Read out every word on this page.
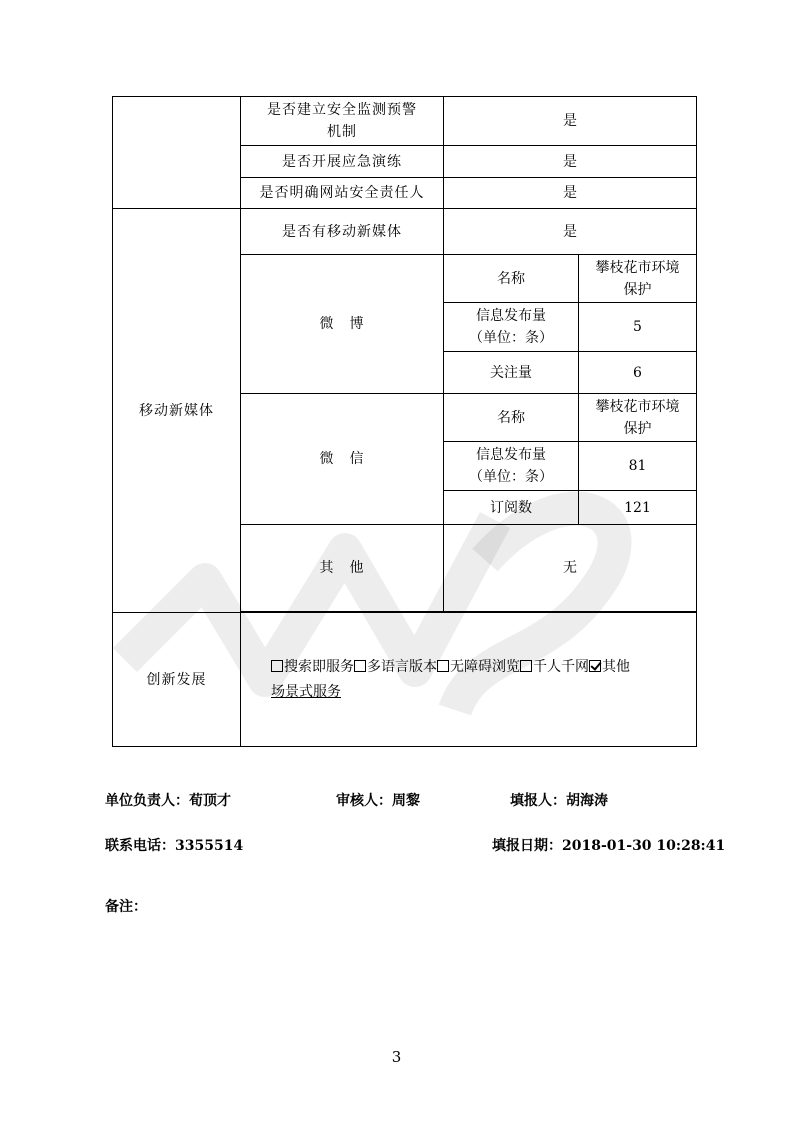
	是否建立安全监测预警
机制	是	
	是否开展应急演练	是	
	是否明确网站安全责任人	是	
移动新媒体	是否有移动新媒体	是	
	微　博	名称	攀枝花市环境
保护
		信息发布量
（单位：条）	5
		关注量	6
	微　信	名称	攀枝花市环境
保护
		信息发布量
（单位：条）	81
		订阅数	121
	其　他	无	

创新发展	搜索即服务 多语言版本 无障碍浏览 千人千网 其他
场景式服务		
单位负责人：荀顶才	审核人：周黎	填报人：胡海涛
联系电话：3355514	填报日期：2018-01-30 10:28:41
备注：
3
